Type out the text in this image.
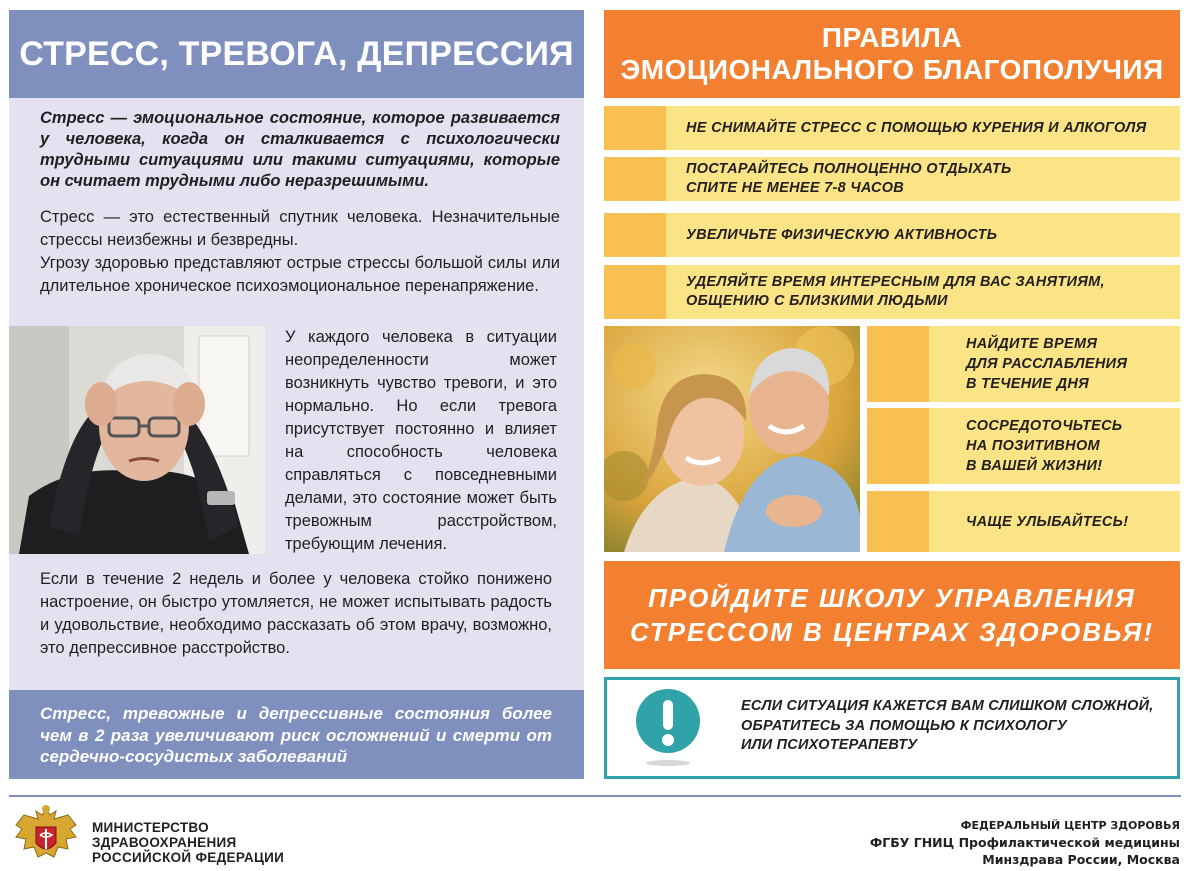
СТРЕСС, ТРЕВОГА, ДЕПРЕССИЯ
Стресс — эмоциональное состояние, которое развивается у человека, когда он сталкивается с психологически трудными ситуациями или такими ситуациями, которые он считает трудными либо неразрешимыми.

Стресс — это естественный спутник человека. Незначительные стрессы неизбежны и безвредны.

Угрозу здоровью представляют острые стрессы большой силы или длительное хроническое психоэмоциональное перенапряжение.

У каждого человека в ситуации неопределенности может возникнуть чувство тревоги, и это нормально. Но если тревога присутствует постоянно и влияет на способность человека справляться с повседневными делами, это состояние может быть тревожным расстройством, требующим лечения.
Если в течение 2 недель и более у человека стойко понижено настроение, он быстро утомляется, не может испытывать радость и удовольствие, необходимо рассказать об этом врачу, возможно, это депрессивное расстройство.
Стресс, тревожные и депрессивные состояния более чем в 2 раза увеличивают риск осложнений и смерти от сердечно-сосудистых заболеваний
ПРАВИЛА
ЭМОЦИОНАЛЬНОГО БЛАГОПОЛУЧИЯ
НЕ СНИМАЙТЕ СТРЕСС С ПОМОЩЬЮ КУРЕНИЯ И АЛКОГОЛЯ
ПОСТАРАЙТЕСЬ ПОЛНОЦЕННО ОТДЫХАТЬ
СПИТЕ НЕ МЕНЕЕ 7-8 ЧАСОВ
УВЕЛИЧЬТЕ ФИЗИЧЕСКУЮ АКТИВНОСТЬ
УДЕЛЯЙТЕ ВРЕМЯ ИНТЕРЕСНЫМ ДЛЯ ВАС ЗАНЯТИЯМ,
ОБЩЕНИЮ С БЛИЗКИМИ ЛЮДЬМИ
НАЙДИТЕ ВРЕМЯ
ДЛЯ РАССЛАБЛЕНИЯ
В ТЕЧЕНИЕ ДНЯ
СОСРЕДОТОЧЬТЕСЬ
НА ПОЗИТИВНОМ
В ВАШЕЙ ЖИЗНИ!
ЧАЩЕ УЛЫБАЙТЕСЬ!
ПРОЙДИТЕ ШКОЛУ УПРАВЛЕНИЯ
СТРЕССОМ В ЦЕНТРАХ ЗДОРОВЬЯ!
ЕСЛИ СИТУАЦИЯ КАЖЕТСЯ ВАМ СЛИШКОМ СЛОЖНОЙ,
ОБРАТИТЕСЬ ЗА ПОМОЩЬЮ К ПСИХОЛОГУ
ИЛИ ПСИХОТЕРАПЕВТУ
МИНИСТЕРСТВО
ЗДРАВООХРАНЕНИЯ
РОССИЙСКОЙ ФЕДЕРАЦИИ
ФЕДЕРАЛЬНЫЙ ЦЕНТР ЗДОРОВЬЯ
ФГБУ ГНИЦ Профилактической медицины
Минздрава России, Москва
